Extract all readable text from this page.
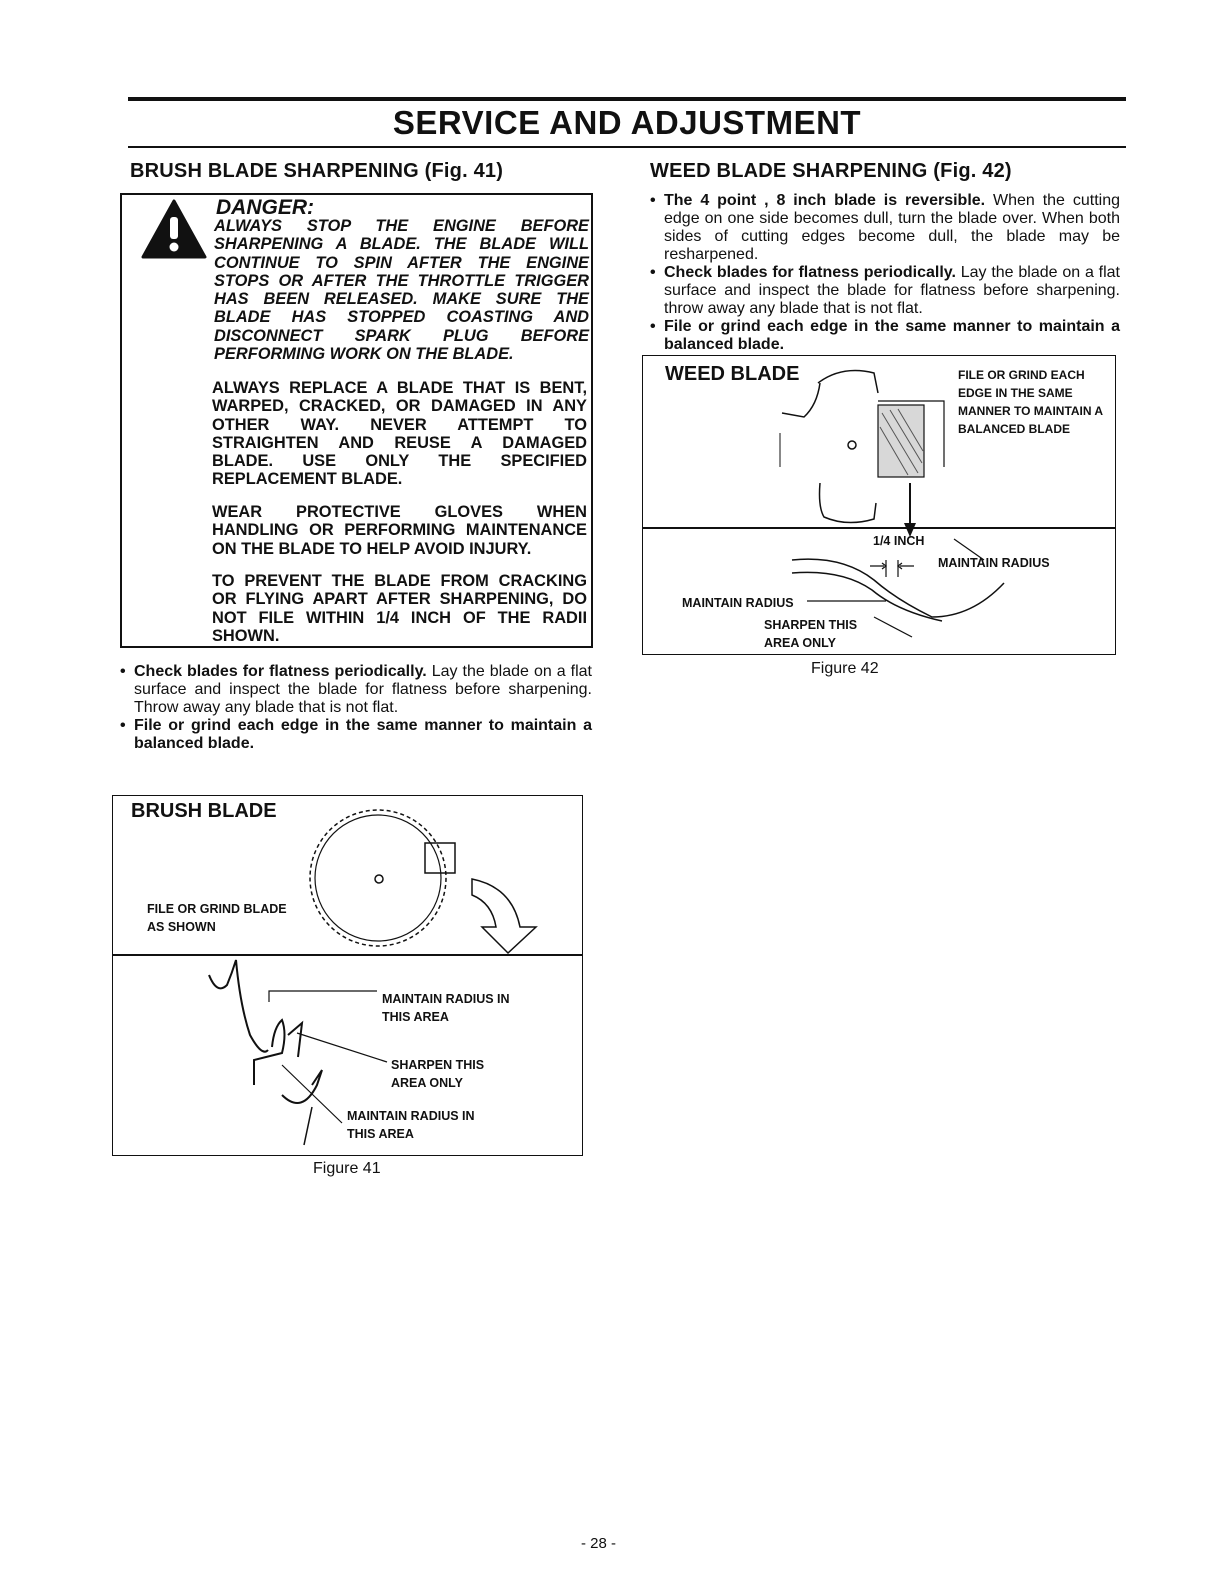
SERVICE AND ADJUSTMENT
BRUSH BLADE SHARPENING (Fig. 41)
DANGER:
ALWAYS STOP THE ENGINE BEFORE SHARPENING A BLADE. THE BLADE WILL CONTINUE TO SPIN AFTER THE ENGINE STOPS OR AFTER THE THROTTLE TRIGGER HAS BEEN RELEASED. MAKE SURE THE BLADE HAS STOPPED COASTING AND DISCONNECT SPARK PLUG BEFORE PERFORMING WORK ON THE BLADE.
ALWAYS REPLACE A BLADE THAT IS BENT, WARPED, CRACKED, OR DAMAGED IN ANY OTHER WAY. NEVER ATTEMPT TO STRAIGHTEN AND REUSE A DAMAGED BLADE. USE ONLY THE SPECIFIED REPLACEMENT BLADE.
WEAR PROTECTIVE GLOVES WHEN HANDLING OR PERFORMING MAINTENANCE ON THE BLADE TO HELP AVOID INJURY.
TO PREVENT THE BLADE FROM CRACKING OR FLYING APART AFTER SHARPENING, DO NOT FILE WITHIN 1/4 INCH OF THE RADII SHOWN.
• Check blades for flatness periodically. Lay the blade on a flat surface and inspect the blade for flatness before sharpening. Throw away any blade that is not flat.
• File or grind each edge in the same manner to maintain a balanced blade.
BRUSH BLADE
FILE OR GRIND BLADE AS SHOWN
MAINTAIN RADIUS IN THIS AREA
SHARPEN THIS AREA ONLY
MAINTAIN RADIUS IN THIS AREA
Figure 41
WEED BLADE SHARPENING (Fig. 42)
• The 4 point , 8 inch blade is reversible. When the cutting edge on one side becomes dull, turn the blade over. When both sides of cutting edges become dull, the blade may be resharpened.
• Check blades for flatness periodically. Lay the blade on a flat surface and inspect the blade for flatness before sharpening. throw away any blade that is not flat.
• File or grind each edge in the same manner to maintain a balanced blade.
WEED BLADE	FILE OR GRIND EACH EDGE IN THE SAME MANNER TO MAINTAIN A BALANCED BLADE
1/4 INCH
MAINTAIN RADIUS
MAINTAIN RADIUS
SHARPEN THIS AREA ONLY
Figure 42
- 28 -
